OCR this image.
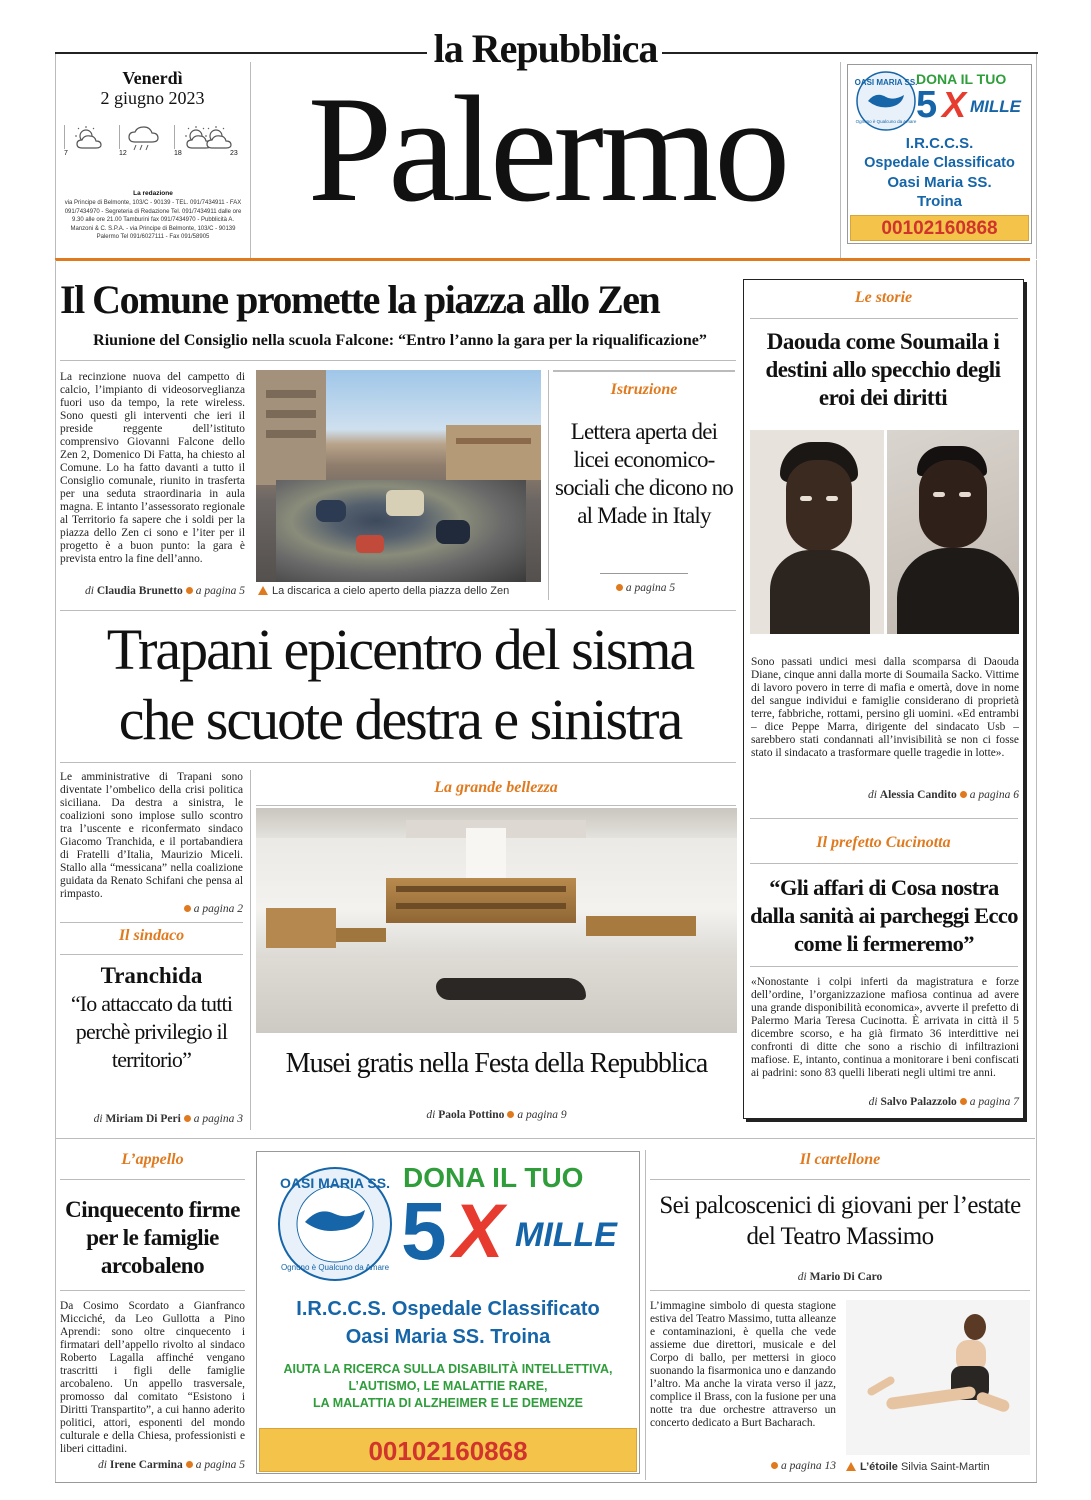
la Repubblica
Venerdì
2 giugno 2023
7	12	18	23
La redazione
via Principe di Belmonte, 103/C - 90139 - TEL. 091/7434911 - FAX 091/7434970 - Segreteria di Redazione Tel. 091/7434911 dalle ore 9.30 alle ore 21.00 Tamburini fax 091/7434970 - Pubblicità A. Manzoni & C. S.P.A. - via Principe di Belmonte, 103/C - 90139 Palermo Tel 091/6027111 - Fax 091/58905
Palermo	OASI MARIA SS.
Ognuno è Qualcuno da Amare
DONA IL TUO
5 X MILLE
I.R.C.C.S.
Ospedale Classificato
Oasi Maria SS.
Troina
00102160868
Il Comune promette la piazza allo Zen
Riunione del Consiglio nella scuola Falcone: “Entro l’anno la gara per la riqualificazione”
La recinzione nuova del campetto di calcio, l’impianto di videosorveglianza fuori uso da tempo, la rete wireless. Sono questi gli interventi che ieri il preside reggente dell’istituto comprensivo Giovanni Falcone dello Zen 2, Domenico Di Fatta, ha chiesto al Comune. Lo ha fatto davanti a tutto il Consiglio comunale, riunito in trasferta per una seduta straordinaria in aula magna. E intanto l’assessorato regionale al Territorio fa sapere che i soldi per la piazza dello Zen ci sono e l’iter per il progetto è a buon punto: la gara è prevista entro la fine dell’anno.
di Claudia Brunetto a pagina 5	La discarica a cielo aperto della piazza dello Zen
Istruzione
Lettera aperta dei licei economico-sociali che dicono no al Made in Italy
a pagina 5
Le storie
Daouda come Soumaila i destini allo specchio degli eroi dei diritti
Sono passati undici mesi dalla scomparsa di Daouda Diane, cinque anni dalla morte di Soumaila Sacko. Vittime di lavoro povero in terre di mafia e omertà, dove in nome del sangue individui e famiglie considerano di proprietà terre, fabbriche, rottami, persino gli uomini. «Ed entrambi – dice Peppe Marra, dirigente del sindacato Usb – sarebbero stati condannati all’invisibilità se non ci fosse stato il sindacato a trasformare quelle tragedie in lotte».
di Alessia Candito a pagina 6
Il prefetto Cucinotta
“Gli affari di Cosa nostra dalla sanità ai parcheggi Ecco come li fermeremo”
«Nonostante i colpi inferti da magistratura e forze dell’ordine, l’organizzazione mafiosa continua ad avere una grande disponibilità economica», avverte il prefetto di Palermo Maria Teresa Cucinotta. È arrivata in città il 5 dicembre scorso, e ha già firmato 36 interdittive nei confronti di ditte che sono a rischio di infiltrazioni mafiose. E, intanto, continua a monitorare i beni confiscati ai padrini: sono 83 quelli liberati negli ultimi tre anni.
di Salvo Palazzolo a pagina 7
Trapani epicentro del sisma
che scuote destra e sinistra
Le amministrative di Trapani sono diventate l’ombelico della crisi politica siciliana. Da destra a sinistra, le coalizioni sono implose sullo scontro tra l’uscente e riconfermato sindaco Giacomo Tranchida, e il portabandiera di Fratelli d’Italia, Maurizio Miceli. Stallo alla “messicana” nella coalizione guidata da Renato Schifani che pensa al rimpasto.
a pagina 2
Il sindaco
Tranchida
“Io attaccato da tutti perchè privilegio il territorio”
di Miriam Di Peri a pagina 3
La grande bellezza
Musei gratis nella Festa della Repubblica
di Paola Pottino a pagina 9
L’appello
Cinquecento firme per le famiglie arcobaleno
Da Cosimo Scordato a Gianfranco Micciché, da Leo Gullotta a Pino Aprendi: sono oltre cinquecento i firmatari dell’appello rivolto al sindaco Roberto Lagalla affinché vengano trascritti i figli delle famiglie arcobaleno. Un appello trasversale, promosso dal comitato “Esistono i Diritti Transpartito”, a cui hanno aderito politici, attori, esponenti del mondo culturale e della Chiesa, professionisti e liberi cittadini.
di Irene Carmina a pagina 5
OASI MARIA SS.
Ognuno è Qualcuno da Amare
DONA IL TUO
5 X MILLE
I.R.C.C.S. Ospedale Classificato
Oasi Maria SS. Troina
AIUTA LA RICERCA SULLA DISABILITÀ INTELLETTIVA,
L’AUTISMO, LE MALATTIE RARE,
LA MALATTIA DI ALZHEIMER E LE DEMENZE
00102160868
Il cartellone
Sei palcoscenici di giovani per l’estate del Teatro Massimo
di Mario Di Caro
L’immagine simbolo di questa stagione estiva del Teatro Massimo, tutta alleanze e contaminazioni, è quella che vede assieme due direttori, musicale e del Corpo di ballo, per mettersi in gioco suonando la fisarmonica uno e danzando l’altro. Ma anche la virata verso il jazz, complice il Brass, con la fusione per una notte tra due orchestre attraverso un concerto dedicato a Burt Bacharach.
a pagina 13	L’étoile Silvia Saint-Martin
